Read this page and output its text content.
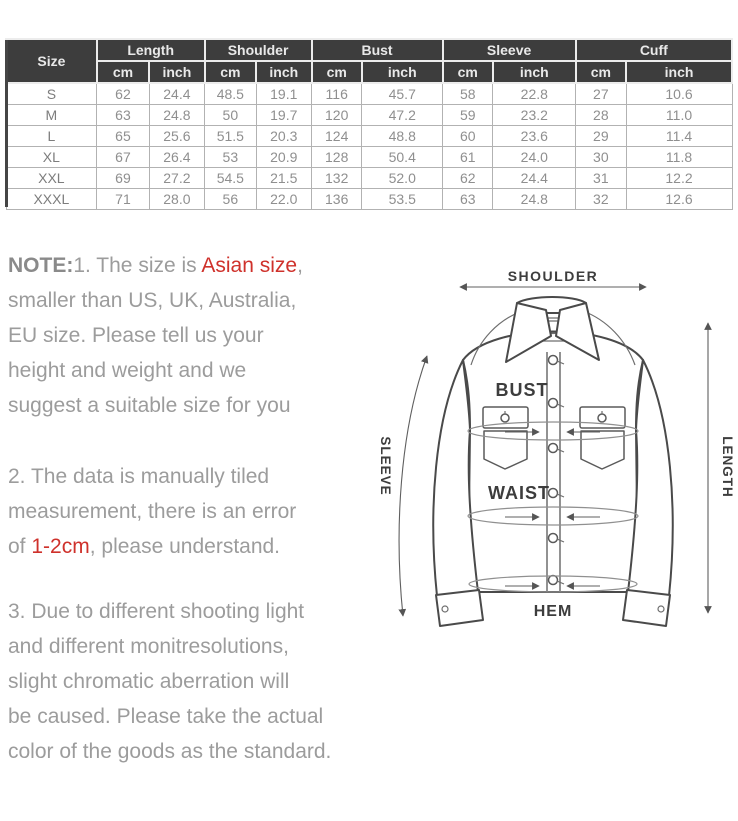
Size	Length		Shoulder		Bust		Sleeve		Cuff	
	cm	inch	cm	inch	cm	inch	cm	inch	cm	inch
S	62	24.4	48.5	19.1	116	45.7	58	22.8	27	10.6
M	63	24.8	50	19.7	120	47.2	59	23.2	28	11.0
L	65	25.6	51.5	20.3	124	48.8	60	23.6	29	11.4
XL	67	26.4	53	20.9	128	50.4	61	24.0	30	11.8
XXL	69	27.2	54.5	21.5	132	52.0	62	24.4	31	12.2
XXXL	71	28.0	56	22.0	136	53.5	63	24.8	32	12.6
NOTE:1. The size is Asian size,
smaller than US, UK, Australia,
EU size. Please tell us your
height and weight and we
suggest a suitable size for you
2. The data is manually tiled
measurement, there is an error
of 1-2cm, please understand.
3. Due to different shooting light
and different monitresolutions,
slight chromatic aberration will
be caused. Please take the actual
color of the goods as the standard.
SHOULDER
BUST
WAIST
HEM
SLEEVE	LENGTH
